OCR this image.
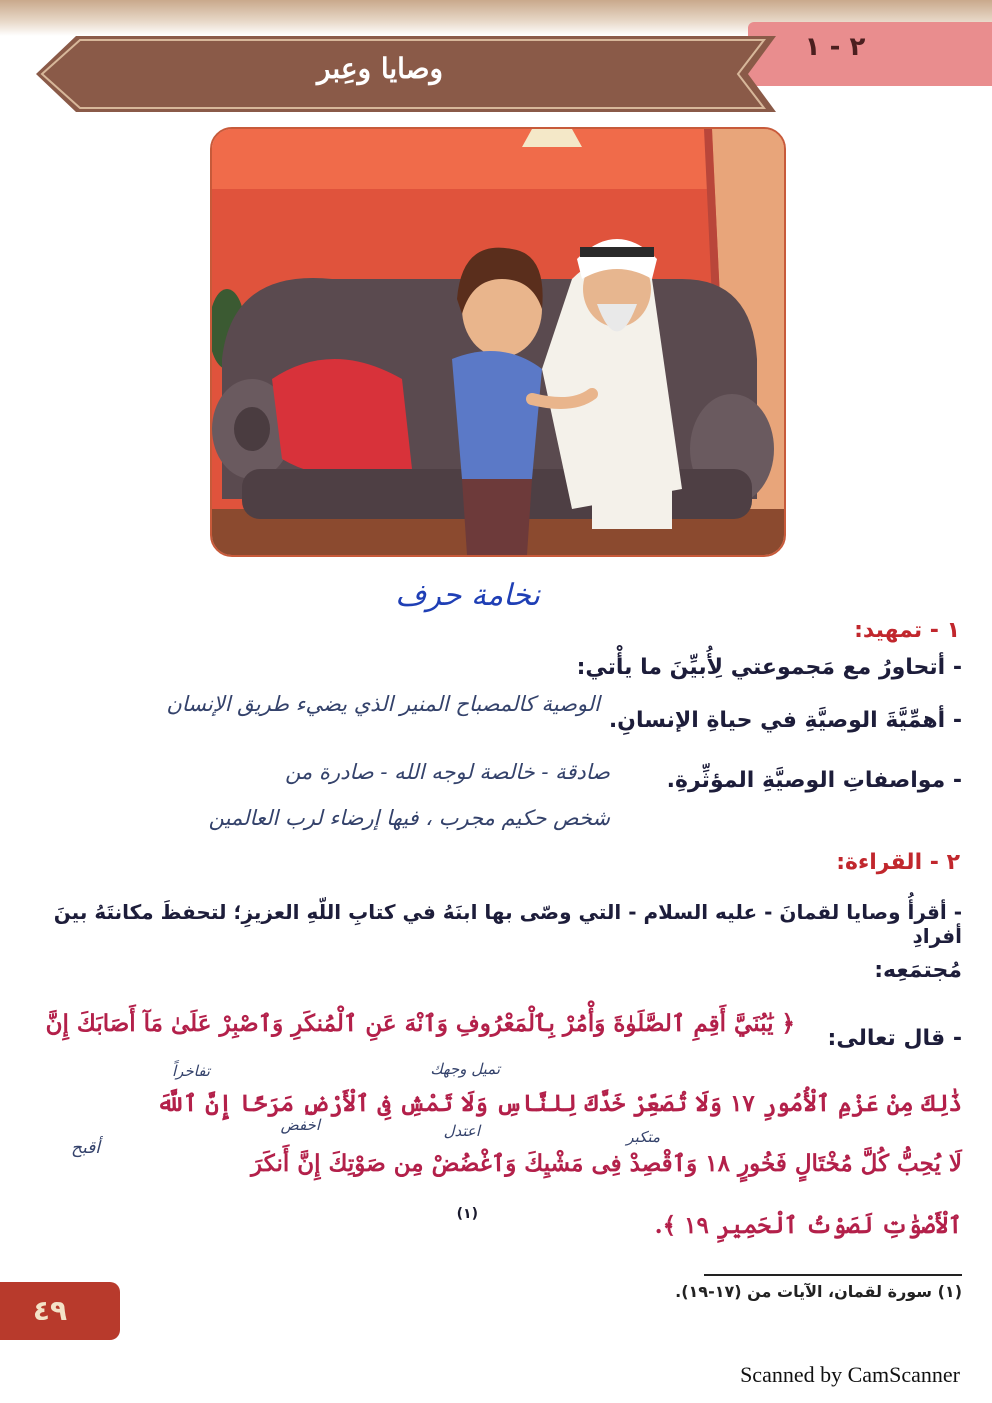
٢ - ١
وصايا وعِبر
نخامة حرف
١ - تمهيد:
- أتحاورُ مع مَجموعتي لِأُبيِّنَ ما يأْتي:
- أهمِّيَّةَ الوصيَّةِ في حياةِ الإنسانِ.
الوصية كالمصباح المنير الذي يضيء طريق الإنسان
- مواصفاتِ الوصيَّةِ المؤثِّرةِ.
صادقة - خالصة لوجه الله - صادرة من
شخص حكيم مجرب ، فيها إرضاء لرب العالمين
٢ - القراءة:
- أقرأُ وصايا لقمانَ - عليه السلام - التي وصّى بها ابنَهُ في كتابِ اللّهِ العزيزِ؛ لتحفظَ مكانتَهُ بينَ أفرادِ
مُجتمَعِه:
- قال تعالى:
﴿ يَٰبُنَيَّ أَقِمِ ٱلصَّلَوٰةَ وَأْمُرْ بِٱلْمَعْرُوفِ وَٱنْهَ عَنِ ٱلْمُنكَرِ وَٱصْبِرْ عَلَىٰ مَآ أَصَابَكَ إِنَّ
ذَٰلِكَ مِنْ عَزْمِ ٱلْأُمُورِ ١٧ وَلَا تُصَعِّرْ خَدَّكَ لِلنَّاسِ وَلَا تَمْشِ فِى ٱلْأَرْضِ مَرَحًا إِنَّ ٱللَّهَ
لَا يُحِبُّ كُلَّ مُخْتَالٍ فَخُورٍ ١٨ وَٱقْصِدْ فِى مَشْيِكَ وَٱغْضُضْ مِن صَوْتِكَ إِنَّ أَنكَرَ
ٱلْأَصْوَٰتِ لَصَوْتُ ٱلْحَمِيرِ ١٩ ﴾.
(١)
تميل وجهك
تفاخراً
متكبر
اعتدل
اخفض
أقبح
(١) سورة لقمان، الآيات من (١٧-١٩).
٤٩
Scanned by CamScanner
